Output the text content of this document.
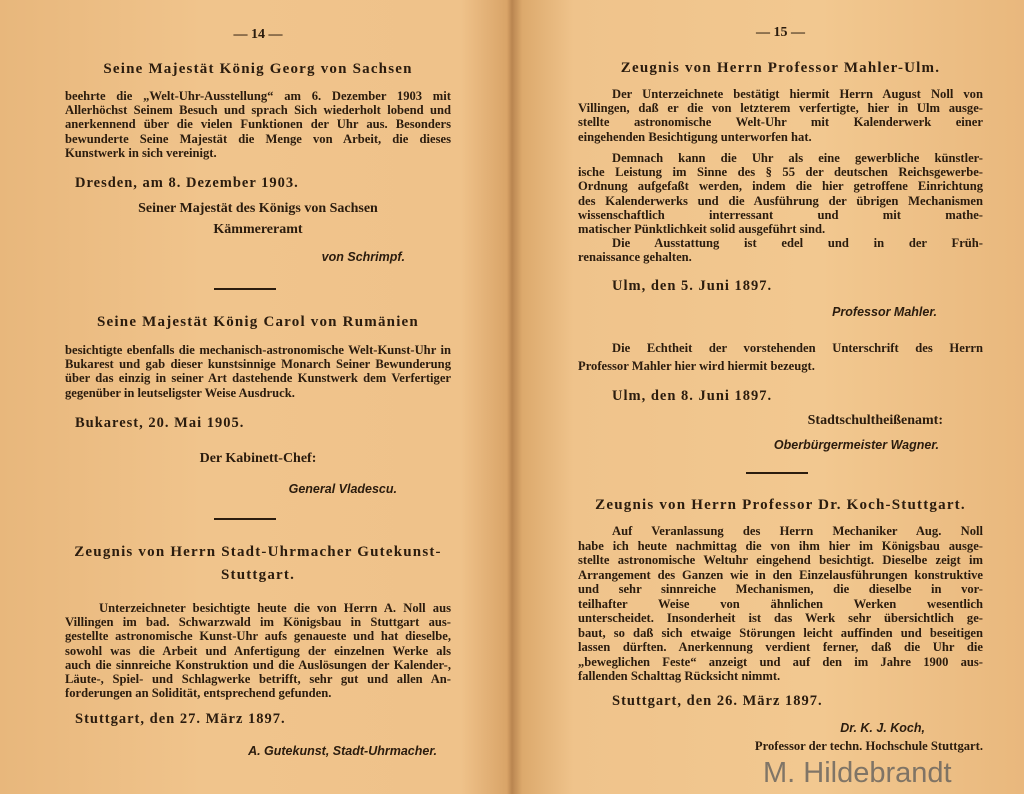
— 14 —
Seine Majestät König Georg von Sachsen
beehrte die „Welt-Uhr-Ausstellung“ am 6. Dezember 1903 mit
Allerhöchst Seinem Besuch und sprach Sich wiederholt lobend und
anerkennend über die vielen Funktionen der Uhr aus. Besonders
bewunderte Seine Majestät die Menge von Arbeit, die dieses
Kunstwerk in sich vereinigt.
Dresden, am 8. Dezember 1903.
Seiner Majestät des Königs von Sachsen
Kämmereramt
von Schrimpf.
Seine Majestät König Carol von Rumänien
besichtigte ebenfalls die mechanisch-astronomische Welt-Kunst-Uhr in
Bukarest und gab dieser kunstsinnige Monarch Seiner Bewunderung
über das einzig in seiner Art dastehende Kunstwerk dem Verfertiger
gegenüber in leutseligster Weise Ausdruck.
Bukarest, 20. Mai 1905.
Der Kabinett-Chef:
General Vladescu.
Zeugnis von Herrn Stadt-Uhrmacher Gutekunst-
Stuttgart.
Unterzeichneter besichtigte heute die von Herrn A. Noll aus
Villingen im bad. Schwarzwald im Königsbau in Stuttgart aus-
gestellte astronomische Kunst-Uhr aufs genaueste und hat dieselbe,
sowohl was die Arbeit und Anfertigung der einzelnen Werke als
auch die sinnreiche Konstruktion und die Auslösungen der Kalender-,
Läute-, Spiel- und Schlagwerke betrifft, sehr gut und allen An-
forderungen an Solidität, entsprechend gefunden.
Stuttgart, den 27. März 1897.
A. Gutekunst, Stadt-Uhrmacher.
— 15 —
Zeugnis von Herrn Professor Mahler-Ulm.
Der Unterzeichnete bestätigt hiermit Herrn August Noll von
Villingen, daß er die von letzterem verfertigte, hier in Ulm ausge-
stellte astronomische Welt-Uhr mit Kalenderwerk einer
eingehenden Besichtigung unterworfen hat.
Demnach kann die Uhr als eine gewerbliche künstler-
ische Leistung im Sinne des § 55 der deutschen Reichsgewerbe-
Ordnung aufgefaßt werden, indem die hier getroffene Einrichtung
des Kalenderwerks und die Ausführung der übrigen Mechanismen
wissenschaftlich interressant und mit mathe-
matischer Pünktlichkeit solid ausgeführt sind.
Die Ausstattung ist edel und in der Früh-
renaissance gehalten.
Ulm, den 5. Juni 1897.
Professor Mahler.
Die Echtheit der vorstehenden Unterschrift des Herrn
Professor Mahler hier wird hiermit bezeugt.
Ulm, den 8. Juni 1897.
Stadtschultheißenamt:
Oberbürgermeister Wagner.
Zeugnis von Herrn Professor Dr. Koch-Stuttgart.
Auf Veranlassung des Herrn Mechaniker Aug. Noll
habe ich heute nachmittag die von ihm hier im Königsbau ausge-
stellte astronomische Weltuhr eingehend besichtigt. Dieselbe zeigt im
Arrangement des Ganzen wie in den Einzelausführungen konstruktive
und sehr sinnreiche Mechanismen, die dieselbe in vor-
teilhafter Weise von ähnlichen Werken wesentlich
unterscheidet. Insonderheit ist das Werk sehr übersichtlich ge-
baut, so daß sich etwaige Störungen leicht auffinden und beseitigen
lassen dürften. Anerkennung verdient ferner, daß die Uhr die
„beweglichen Feste“ anzeigt und auf den im Jahre 1900 aus-
fallenden Schalttag Rücksicht nimmt.
Stuttgart, den 26. März 1897.
Dr. K. J. Koch,
Professor der techn. Hochschule Stuttgart.
M. Hildebrandt
